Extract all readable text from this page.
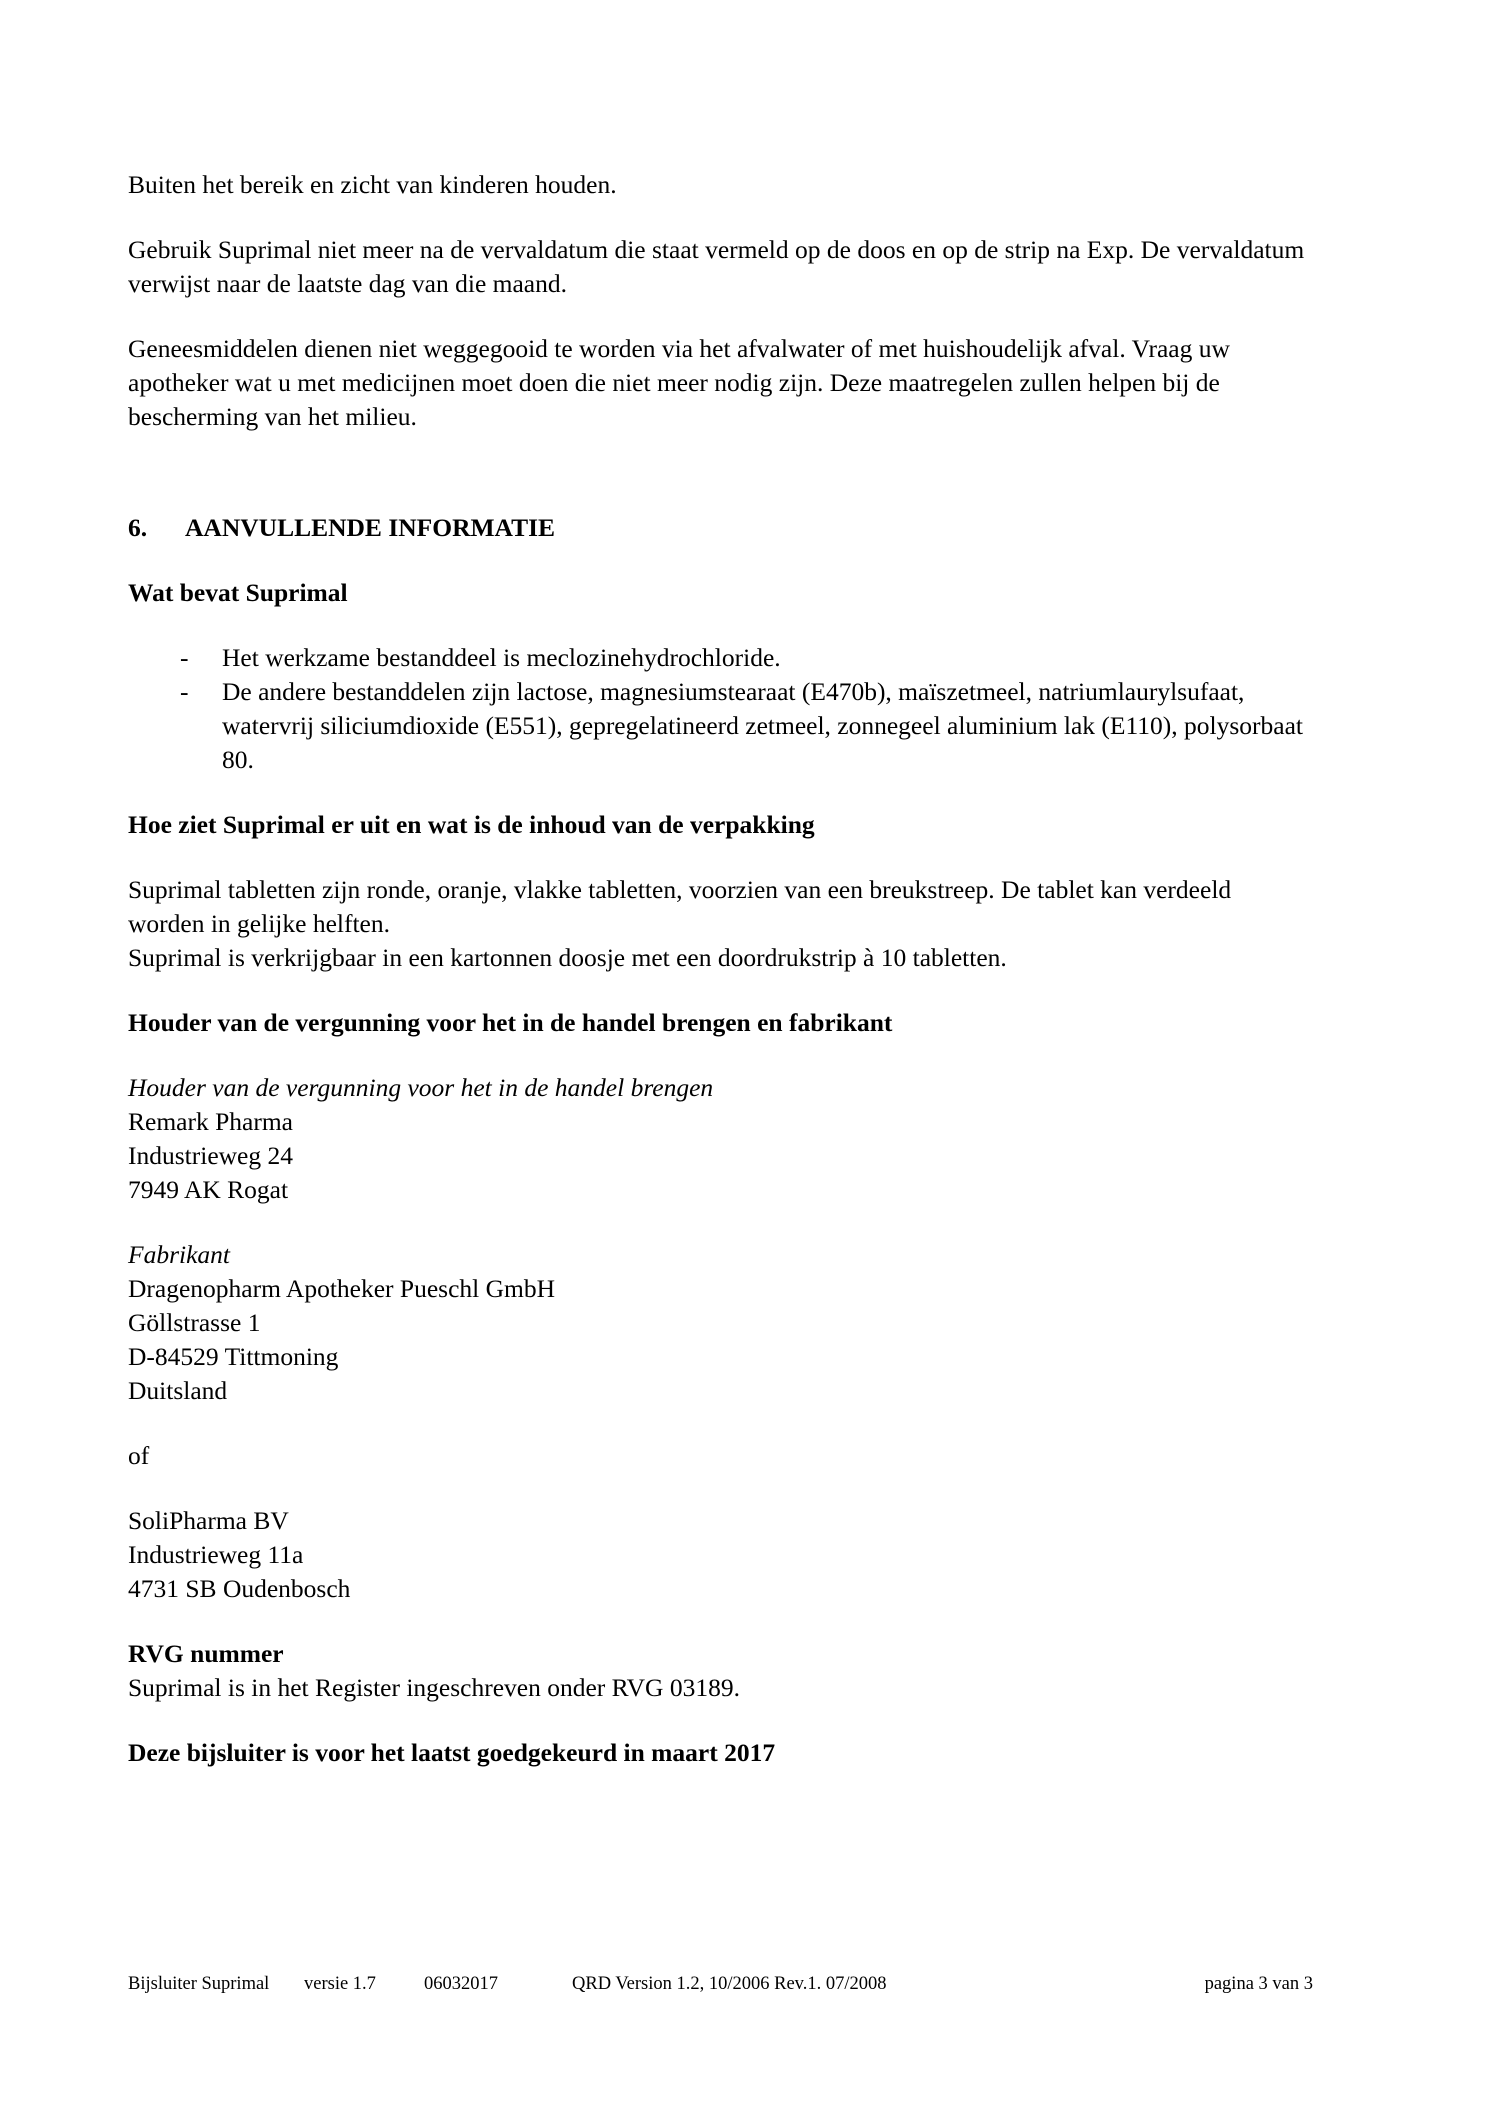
Buiten het bereik en zicht van kinderen houden.

Gebruik Suprimal niet meer na de vervaldatum die staat vermeld op de doos en op de strip na Exp. De vervaldatum verwijst naar de laatste dag van die maand.

Geneesmiddelen dienen niet weggegooid te worden via het afvalwater of met huishoudelijk afval. Vraag uw apotheker wat u met medicijnen moet doen die niet meer nodig zijn. Deze maatregelen zullen helpen bij de bescherming van het milieu.

6.	AANVULLENDE INFORMATIE
Wat bevat Suprimal
-	Het werkzame bestanddeel is meclozinehydrochloride.
-	De andere bestanddelen zijn lactose, magnesiumstearaat (E470b), maïszetmeel, natriumlaurylsufaat, watervrij siliciumdioxide (E551), gepregelatineerd zetmeel, zonnegeel aluminium lak (E110), polysorbaat 80.
Hoe ziet Suprimal er uit en wat is de inhoud van de verpakking

Suprimal tabletten zijn ronde, oranje, vlakke tabletten, voorzien van een breukstreep. De tablet kan verdeeld worden in gelijke helften.

Suprimal is verkrijgbaar in een kartonnen doosje met een doordrukstrip à 10 tabletten.

Houder van de vergunning voor het in de handel brengen en fabrikant
Houder van de vergunning voor het in de handel brengen
Remark Pharma
Industrieweg 24
7949 AK Rogat
Fabrikant
Dragenopharm Apotheker Pueschl GmbH
Göllstrasse 1
D-84529 Tittmoning
Duitsland
of
SoliPharma BV
Industrieweg 11a
4731 SB Oudenbosch
RVG nummer
Suprimal is in het Register ingeschreven onder RVG 03189.
Deze bijsluiter is voor het laatst goedgekeurd in maart 2017
Bijsluiter Suprimal	versie 1.7	06032017	QRD Version 1.2, 10/2006 Rev.1. 07/2008	pagina 3 van 3
